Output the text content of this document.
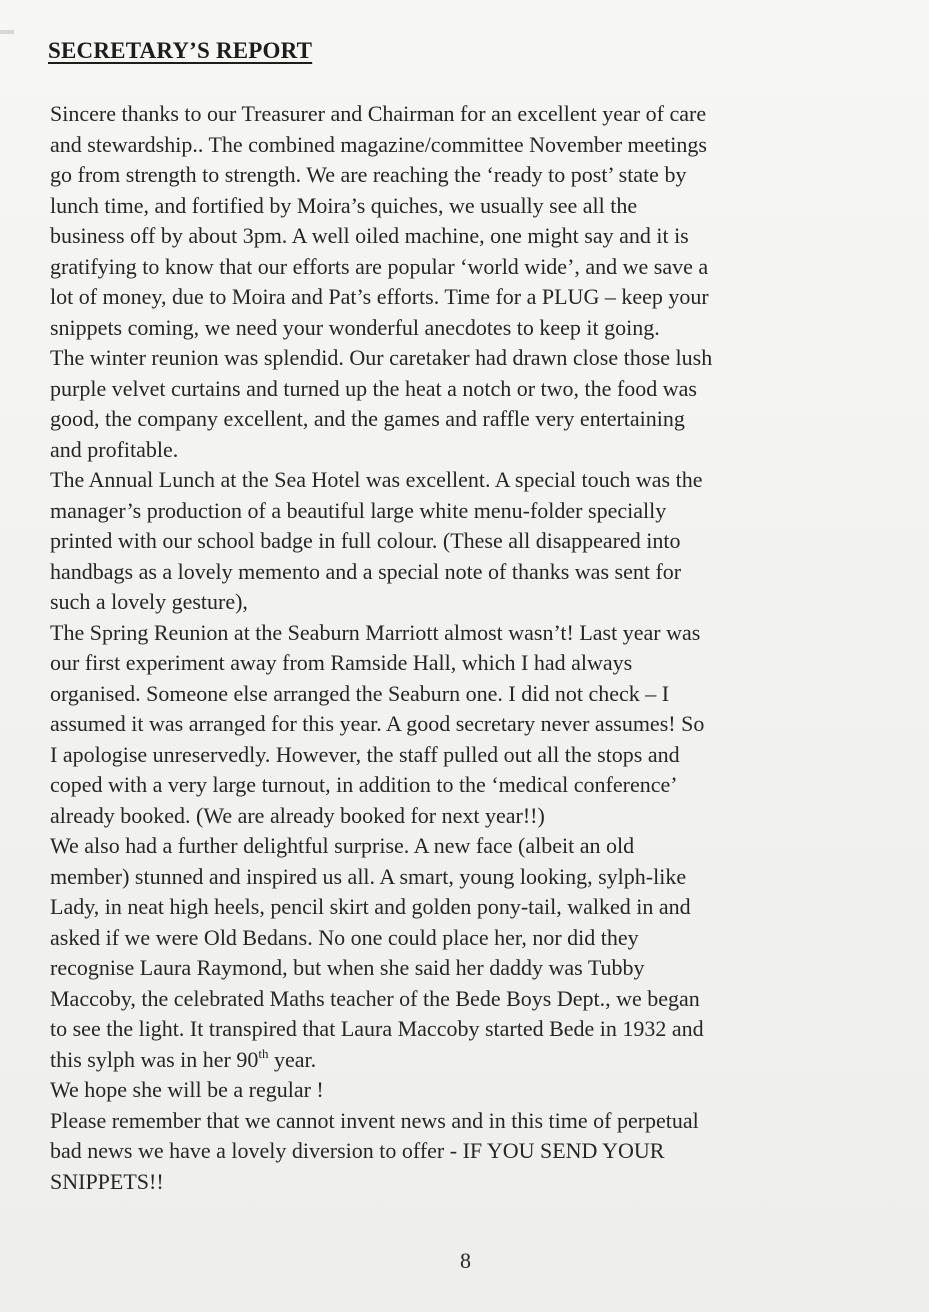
SECRETARY’S REPORT
Sincere thanks to our Treasurer and Chairman for an excellent year of care
and stewardship.. The combined magazine/committee November meetings
go from strength to strength. We are reaching the ‘ready to post’ state by
lunch time, and fortified by Moira’s quiches, we usually see all the
business off by about 3pm. A well oiled machine, one might say and it is
gratifying to know that our efforts are popular ‘world wide’, and we save a
lot of money, due to Moira and Pat’s efforts. Time for a PLUG – keep your
snippets coming, we need your wonderful anecdotes to keep it going.
The winter reunion was splendid. Our caretaker had drawn close those lush
purple velvet curtains and turned up the heat a notch or two, the food was
good, the company excellent, and the games and raffle very entertaining
and profitable.
The Annual Lunch at the Sea Hotel was excellent. A special touch was the
manager’s production of a beautiful large white menu-folder specially
printed with our school badge in full colour. (These all disappeared into
handbags as a lovely memento and a special note of thanks was sent for
such a lovely gesture),
The Spring Reunion at the Seaburn Marriott almost wasn’t! Last year was
our first experiment away from Ramside Hall, which I had always
organised. Someone else arranged the Seaburn one. I did not check – I
assumed it was arranged for this year. A good secretary never assumes! So
I apologise unreservedly. However, the staff pulled out all the stops and
coped with a very large turnout, in addition to the ‘medical conference’
already booked. (We are already booked for next year!!)
We also had a further delightful surprise. A new face (albeit an old
member) stunned and inspired us all. A smart, young looking, sylph-like
Lady, in neat high heels, pencil skirt and golden pony-tail, walked in and
asked if we were Old Bedans. No one could place her, nor did they
recognise Laura Raymond, but when she said her daddy was Tubby
Maccoby, the celebrated Maths teacher of the Bede Boys Dept., we began
to see the light. It transpired that Laura Maccoby started Bede in 1932 and
this sylph was in her 90th year.
We hope she will be a regular !
Please remember that we cannot invent news and in this time of perpetual
bad news we have a lovely diversion to offer - IF YOU SEND YOUR
SNIPPETS!!
8
